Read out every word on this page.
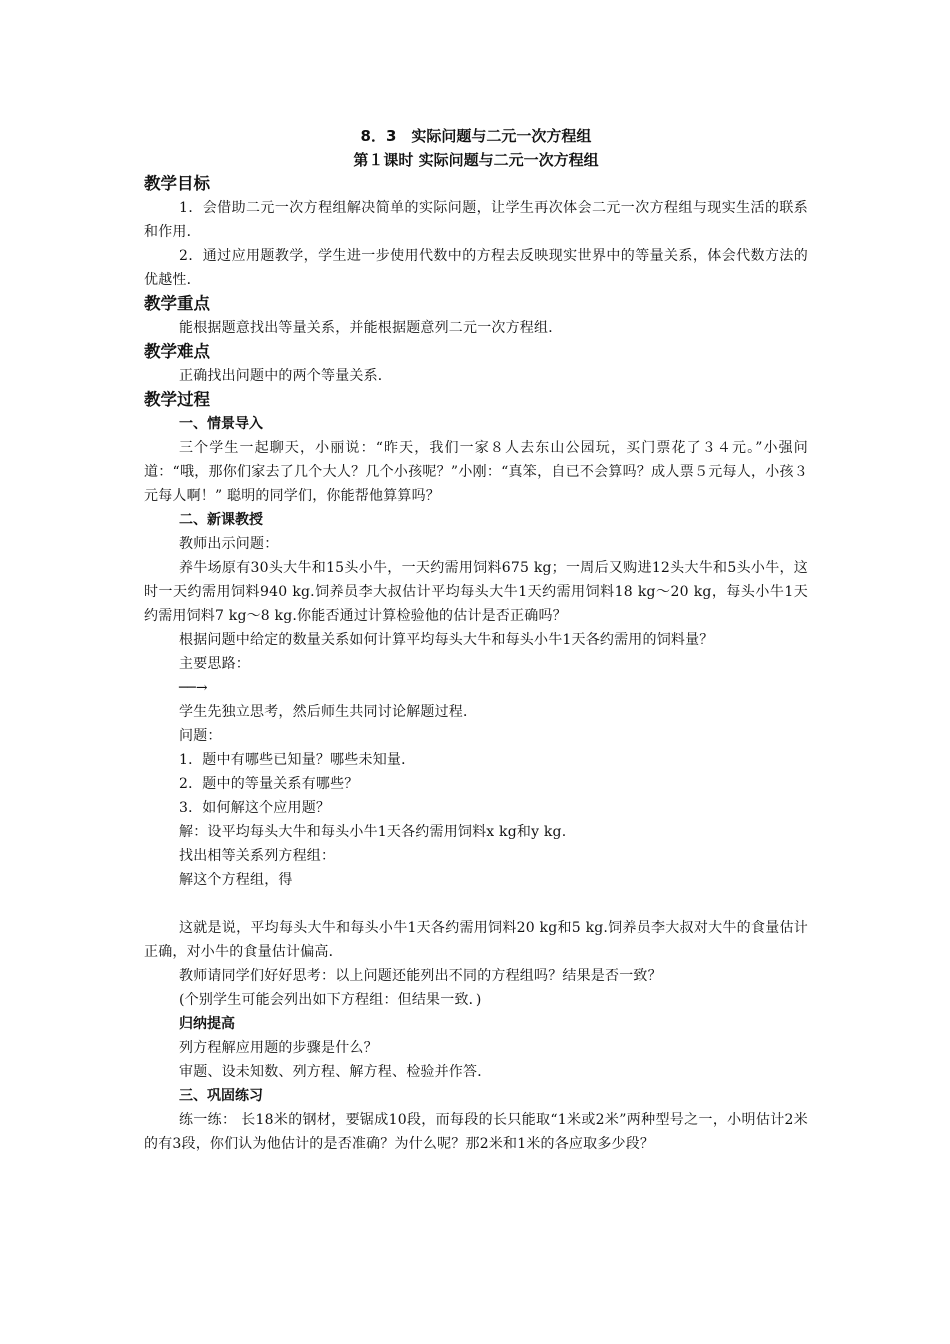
8．3　实际问题与二元一次方程组
第１课时 实际问题与二元一次方程组
教学目标

1．会借助二元一次方程组解决简单的实际问题，让学生再次体会二元一次方程组与现实生活的联系和作用．

2．通过应用题教学，学生进一步使用代数中的方程去反映现实世界中的等量关系，体会代数方法的优越性．

教学重点

能根据题意找出等量关系，并能根据题意列二元一次方程组．

教学难点

正确找出问题中的两个等量关系．

教学过程
一、情景导入

三个学生一起聊天，小丽说：“昨天，我们一家８人去东山公园玩，买门票花了３４元。”小强问道：“哦，那你们家去了几个大人？几个小孩呢？”小刚：“真笨，自已不会算吗？成人票５元每人，小孩３元每人啊！” 聪明的同学们，你能帮他算算吗？

二、新课教授

教师出示问题：

养牛场原有30头大牛和15头小牛，一天约需用饲料675 kg；一周后又购进12头大牛和5头小牛，这时一天约需用饲料940 kg.饲养员李大叔估计平均每头大牛1天约需用饲料18 kg～20 kg，每头小牛1天约需用饲料7 kg～8 kg.你能否通过计算检验他的估计是否正确吗？

根据问题中给定的数量关系如何计算平均每头大牛和每头小牛1天各约需用的饲料量？

主要思路：

──→

学生先独立思考，然后师生共同讨论解题过程．

问题：

1．题中有哪些已知量？哪些未知量．

2．题中的等量关系有哪些？

3．如何解这个应用题？

解：设平均每头大牛和每头小牛1天各约需用饲料x kg和y kg.

找出相等关系列方程组：

解这个方程组，得

这就是说，平均每头大牛和每头小牛1天各约需用饲料20 kg和5 kg.饲养员李大叔对大牛的食量估计正确，对小牛的食量估计偏高．

教师请同学们好好思考：以上问题还能列出不同的方程组吗？结果是否一致？

(个别学生可能会列出如下方程组：但结果一致．)

归纳提高

列方程解应用题的步骤是什么？

审题、设未知数、列方程、解方程、检验并作答．

三、巩固练习

练一练： 长18米的钢材，要锯成10段，而每段的长只能取“1米或2米”两种型号之一，小明估计2米的有3段，你们认为他估计的是否准确？为什么呢？那2米和1米的各应取多少段？
